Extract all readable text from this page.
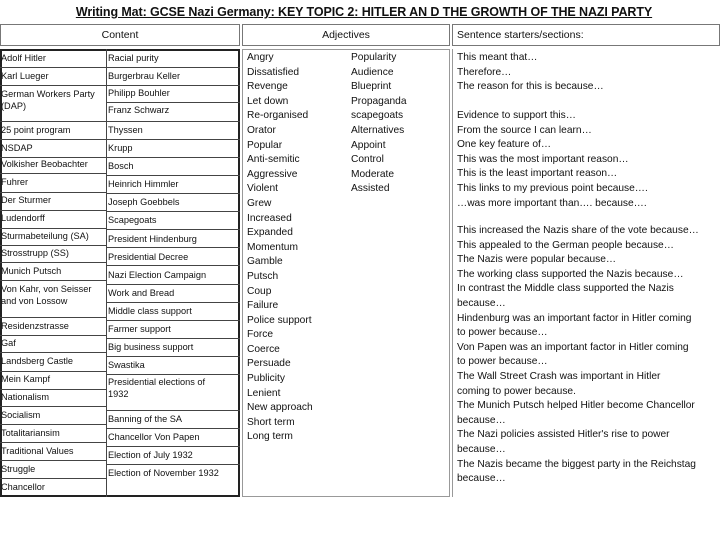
Writing Mat: GCSE Nazi Germany: KEY TOPIC 2: HITLER AN D THE GROWTH OF THE NAZI PARTY
Content	Adjectives	Sentence starters/sections:
Adolf Hitler
Karl Lueger
German Workers Party
(DAP)
25 point program
NSDAP
Volkisher Beobachter
Fuhrer
Der Sturmer
Ludendorff
Sturmabeteilung (SA)
Strosstrupp (SS)
Munich Putsch
Von Kahr, von Seisser
and von Lossow
Residenzstrasse
Gaf
Landsberg Castle
Mein Kampf
Nationalism
Socialism
Totalitariansim
Traditional Values
Struggle
Chancellor
Racial purity
Burgerbrau Keller
Philipp Bouhler
Franz Schwarz
Thyssen
Krupp
Bosch
Heinrich Himmler
Joseph Goebbels
Scapegoats
President Hindenburg
Presidential Decree
Nazi Election Campaign
Work and Bread
Middle class support
Farmer support
Big business support
Swastika
Presidential elections of
1932
Banning of the SA
Chancellor Von Papen
Election of July 1932
Election of November 1932
Angry
Dissatisfied
Revenge
Let down
Re-organised
Orator
Popular
Anti-semitic
Aggressive
Violent
Grew
Increased
Expanded
Momentum
Gamble
Putsch
Coup
Failure
Police support
Force
Coerce
Persuade
Publicity
Lenient
New approach
Short term
Long term
Popularity
Audience
Blueprint
Propaganda
scapegoats
Alternatives
Appoint
Control
Moderate
Assisted
This meant that…
Therefore…
The reason for this is because…
Evidence to support this…
From the source I can learn…
One key feature of…
This was the most important reason…
This is the least important reason…
This links to my previous point because….
…was more important than…. because….
This increased the Nazis share of the vote because…
This appealed to the German people because…
The Nazis were popular because…
The working class supported the Nazis because…
In contrast the Middle class supported the Nazis
because…
Hindenburg was an important factor in Hitler coming
to power because…
Von Papen was an important factor in Hitler coming
to power because…
The Wall Street Crash was important in Hitler
coming to power because.
The Munich Putsch helped Hitler become Chancellor
because…
The Nazi policies assisted Hitler's rise to power
because…
The Nazis became the biggest party in the Reichstag
because…
